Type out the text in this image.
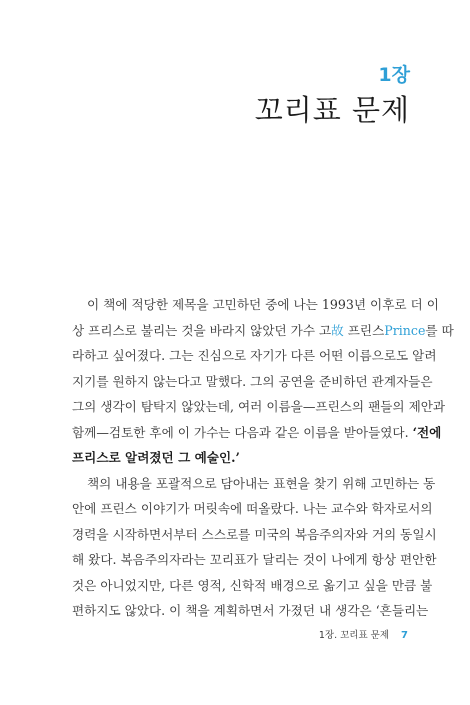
1장
꼬리표 문제
이 책에 적당한 제목을 고민하던 중에 나는 1993년 이후로 더 이
상 프리스로 불리는 것을 바라지 않았던 가수 고故 프린스Prince를 따
라하고 싶어졌다. 그는 진심으로 자기가 다른 어떤 이름으로도 알려
지기를 원하지 않는다고 말했다. 그의 공연을 준비하던 관계자들은
그의 생각이 탐탁지 않았는데, 여러 이름을—프린스의 팬들의 제안과
함께—검토한 후에 이 가수는 다음과 같은 이름을 받아들였다. ‘전에
프리스로 알려졌던 그 예술인.’
책의 내용을 포괄적으로 담아내는 표현을 찾기 위해 고민하는 동
안에 프린스 이야기가 머릿속에 떠올랐다. 나는 교수와 학자로서의
경력을 시작하면서부터 스스로를 미국의 복음주의자와 거의 동일시
해 왔다. 복음주의자라는 꼬리표가 달리는 것이 나에게 항상 편안한
것은 아니었지만, 다른 영적, 신학적 배경으로 옮기고 싶을 만큼 불
편하지도 않았다. 이 책을 계획하면서 가졌던 내 생각은 ‘흔들리는
1장. 꼬리표 문제 7
